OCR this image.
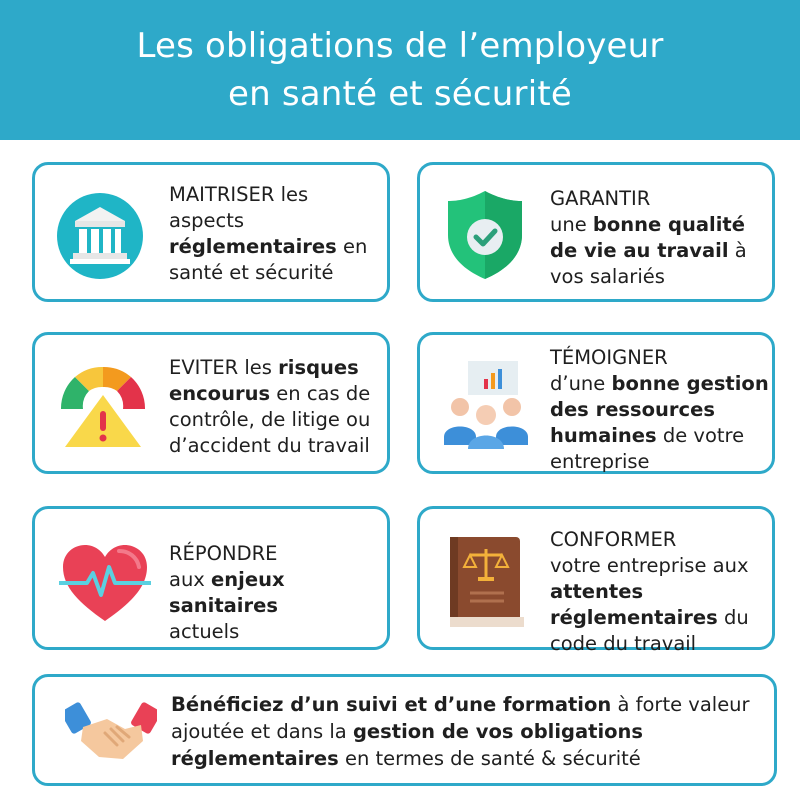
Les obligations de l’employeur
en santé et sécurité
MAITRISER les
aspects
réglementaires en
santé et sécurité
GARANTIR
une bonne qualité
de vie au travail à
vos salariés
EVITER les risques
encourus en cas de
contrôle, de litige ou
d’accident du travail
TÉMOIGNER
d’une bonne gestion
des ressources
humaines de votre
entreprise
RÉPONDRE
aux enjeux sanitaires
actuels
CONFORMER
votre entreprise aux
attentes
réglementaires du
code du travail
Bénéficiez d’un suivi et d’une formation à forte valeur
ajoutée et dans la gestion de vos obligations
réglementaires en termes de santé & sécurité
